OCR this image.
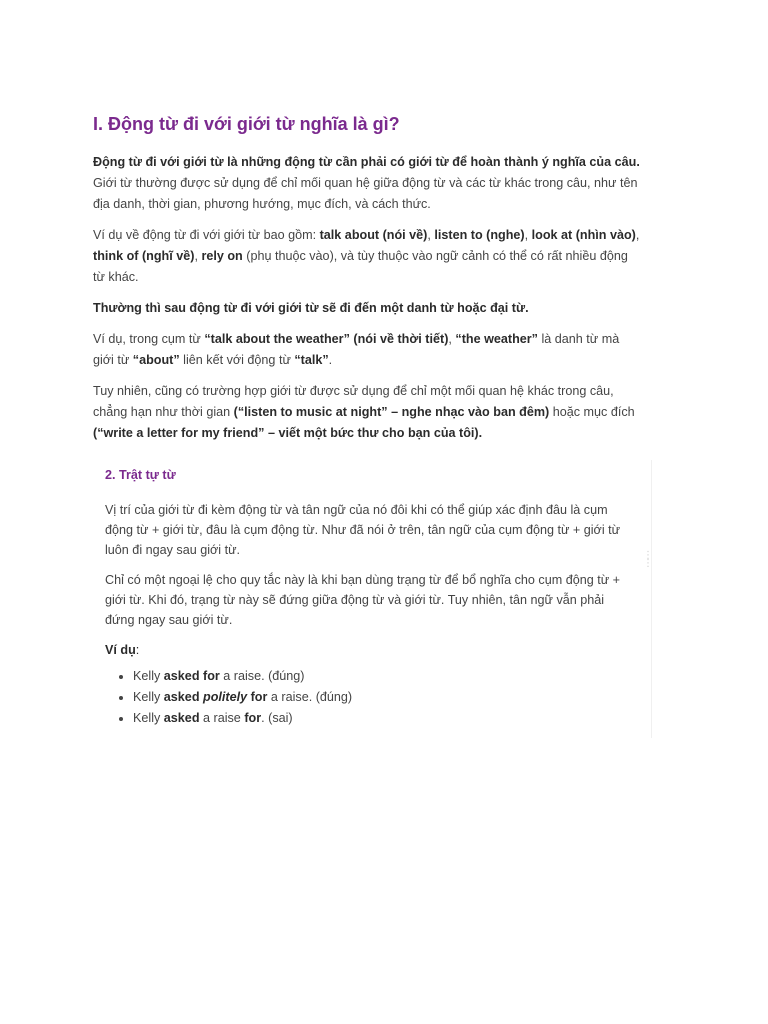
I. Động từ đi với giới từ nghĩa là gì?

Động từ đi với giới từ là những động từ cần phải có giới từ để hoàn thành ý nghĩa của câu. Giới từ thường được sử dụng để chỉ mối quan hệ giữa động từ và các từ khác trong câu, như tên địa danh, thời gian, phương hướng, mục đích, và cách thức.

Ví dụ về động từ đi với giới từ bao gồm: talk about (nói về), listen to (nghe), look at (nhìn vào), think of (nghĩ về), rely on (phụ thuộc vào), và tùy thuộc vào ngữ cảnh có thể có rất nhiều động từ khác.

Thường thì sau động từ đi với giới từ sẽ đi đến một danh từ hoặc đại từ.

Ví dụ, trong cụm từ “talk about the weather” (nói về thời tiết), “the weather” là danh từ mà giới từ “about” liên kết với động từ “talk”.

Tuy nhiên, cũng có trường hợp giới từ được sử dụng để chỉ một mối quan hệ khác trong câu, chẳng hạn như thời gian (“listen to music at night” – nghe nhạc vào ban đêm) hoặc mục đích (“write a letter for my friend” – viết một bức thư cho bạn của tôi).

2. Trật tự từ

Vị trí của giới từ đi kèm động từ và tân ngữ của nó đôi khi có thể giúp xác định đâu là cụm động từ + giới từ, đâu là cụm động từ. Như đã nói ở trên, tân ngữ của cụm động từ + giới từ luôn đi ngay sau giới từ.

Chỉ có một ngoại lệ cho quy tắc này là khi bạn dùng trạng từ để bổ nghĩa cho cụm động từ + giới từ. Khi đó, trạng từ này sẽ đứng giữa động từ và giới từ. Tuy nhiên, tân ngữ vẫn phải đứng ngay sau giới từ.

Ví dụ:
• Kelly asked for a raise. (đúng)
• Kelly asked politely for a raise. (đúng)
• Kelly asked a raise for. (sai)
⋮
⋮
